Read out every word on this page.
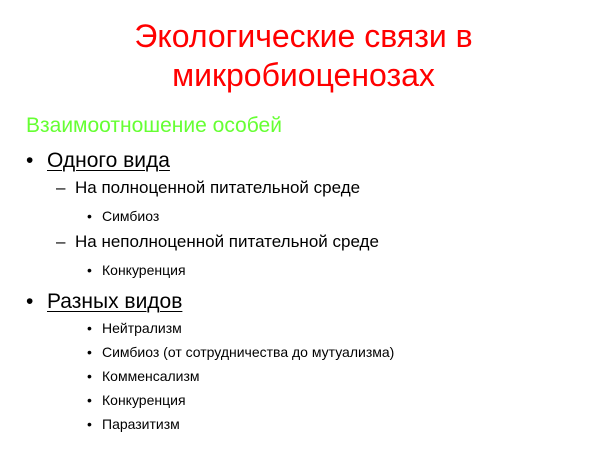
Экологические связи в
микробиоценозах
Взаимоотношение особей
• Одного вида
– На полноценной питательной среде
• Симбиоз
– На неполноценной питательной среде
• Конкуренция
• Разных видов
• Нейтрализм
• Симбиоз (от сотрудничества до мутуализма)
• Комменсализм
• Конкуренция
• Паразитизм
